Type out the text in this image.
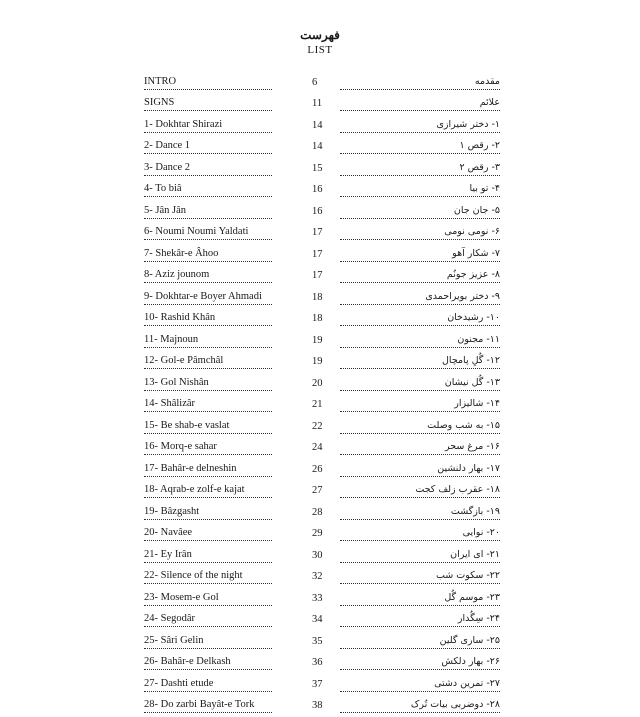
فهرست
LIST
INTRO	6	مقدمه
SIGNS	11	علائم
1- Dokhtar Shirazi	14	۱- دختر شیرازی
2- Dance 1	14	۲- رقص ۱
3- Dance 2	15	۳- رقص ۲
4- To biâ	16	۴- تو بیا
5- Jân Jân	16	۵- جان جان
6- Noumi Noumi Yaldati	17	۶- نومی نومی
7- Shekâr-e Âhoo	17	۷- شکار آهو
8- Aziz jounom	17	۸- عزیز جونُم
9- Dokhtar-e Boyer Ahmadi	18	۹- دختر بویراحمدی
10- Rashid Khân	18	۱۰- رشیدخان
11- Majnoun	19	۱۱- مجنون
12- Gol-e Pâmchâl	19	۱۲- گُلِ پامچال
13- Gol Nishân	20	۱۳- گُل نیشان
14- Shâlizâr	21	۱۴- شالیزار
15- Be shab-e vaslat	22	۱۵- به شب وصلت
16- Morq-e sahar	24	۱۶- مرغ سحر
17- Bahâr-e delneshin	26	۱۷- بهار دلنشین
18- Aqrab-e zolf-e kajat	27	۱۸- عقرب زلف کجت
19- Bâzgasht	28	۱۹- بازگشت
20- Navâee	29	۲۰- نوایی
21- Ey Irân	30	۲۱- ای ایران
22- Silence of the night	32	۲۲- سکوت شب
23- Mosem-e Gol	33	۲۳- موسم گُل
24- Segodâr	34	۲۴- سِگُدار
25- Sâri Gelin	35	۲۵- ساری گلین
26- Bahâr-e Delkash	36	۲۶- بهار دلکش
27- Dashti etude	37	۲۷- تمرین دشتی
28- Do zarbi Bayât-e Tork	38	۲۸- دوضربی بیات تُرک
